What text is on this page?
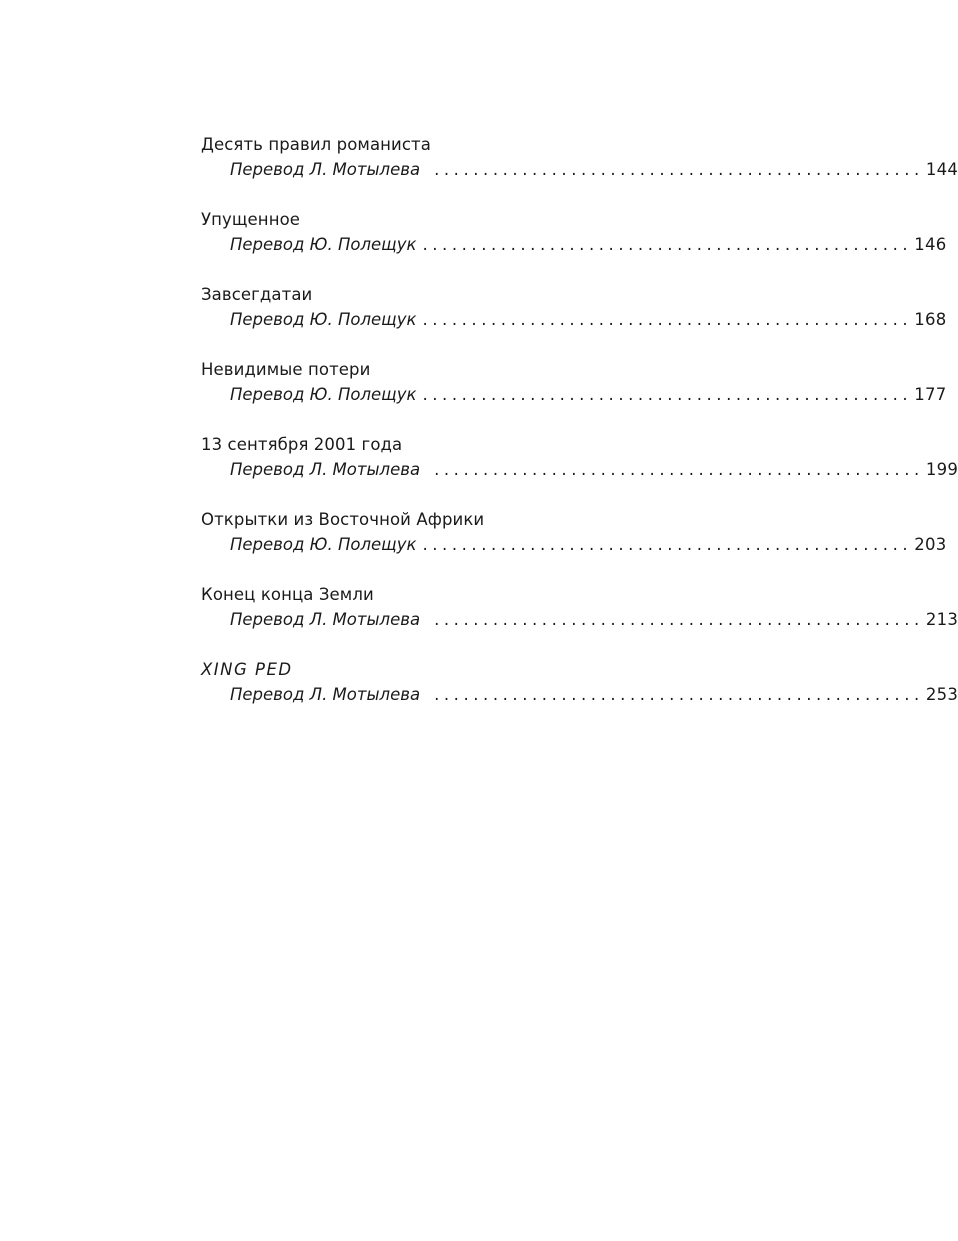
Десять правил романиста
Перевод Л. Мотылева .................................................. 144
Упущенное
Перевод Ю. Полещук .................................................. 146
Завсегдатаи
Перевод Ю. Полещук .................................................. 168
Невидимые потери
Перевод Ю. Полещук .................................................. 177
13 сентября 2001 года
Перевод Л. Мотылева .................................................. 199
Открытки из Восточной Африки
Перевод Ю. Полещук .................................................. 203
Конец конца Земли
Перевод Л. Мотылева .................................................. 213
XING PED
Перевод Л. Мотылева .................................................. 253
